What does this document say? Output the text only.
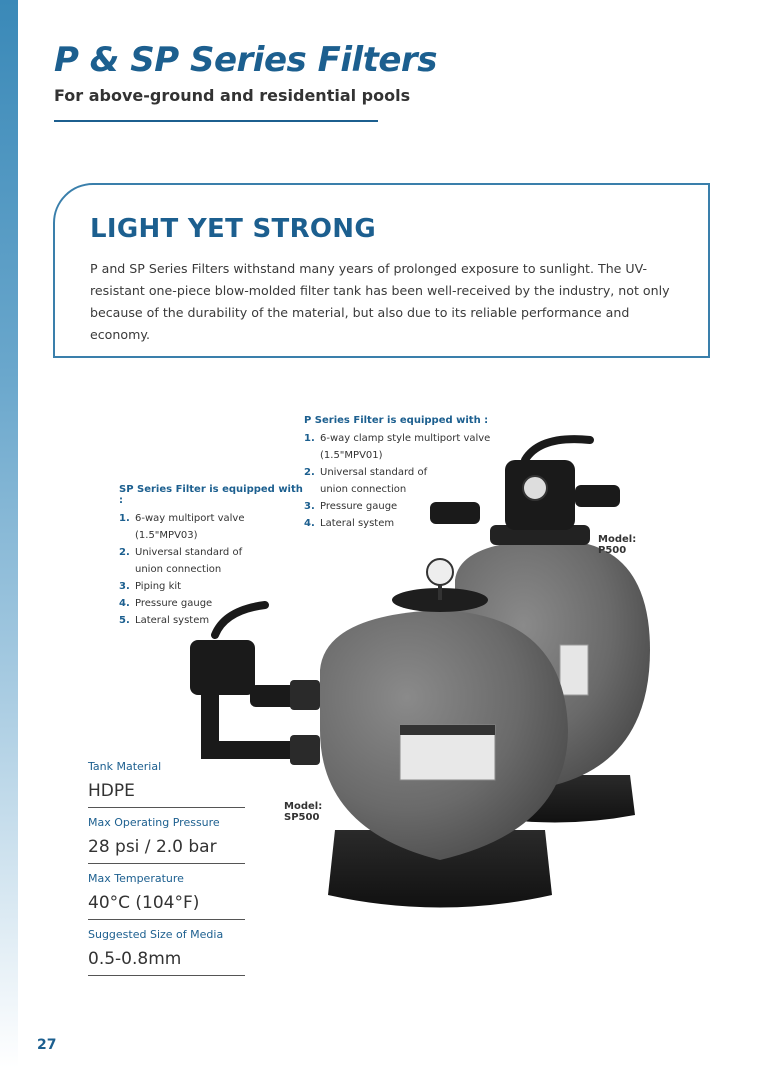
P & SP Series Filters
For above-ground and residential pools
LIGHT YET STRONG

P and SP Series Filters withstand many years of prolonged exposure to sunlight. The UV-resistant one-piece blow-molded filter tank has been well-received by the industry, not only because of the durability of the material, but also due to its reliable performance and economy.

P Series Filter is equipped with :
1. 6-way clamp style multiport valve
(1.5"MPV01)
2. Universal standard of
union connection
3. Pressure gauge
4. Lateral system
SP Series Filter is equipped with :
1. 6-way multiport valve
(1.5"MPV03)
2. Universal standard of
union connection
3. Piping kit
4. Pressure gauge
5. Lateral system
Model:
P500
Model:
SP500
Tank Material
HDPE
Max Operating Pressure
28 psi / 2.0 bar
Max Temperature
40°C (104°F)
Suggested Size of Media
0.5-0.8mm
27
